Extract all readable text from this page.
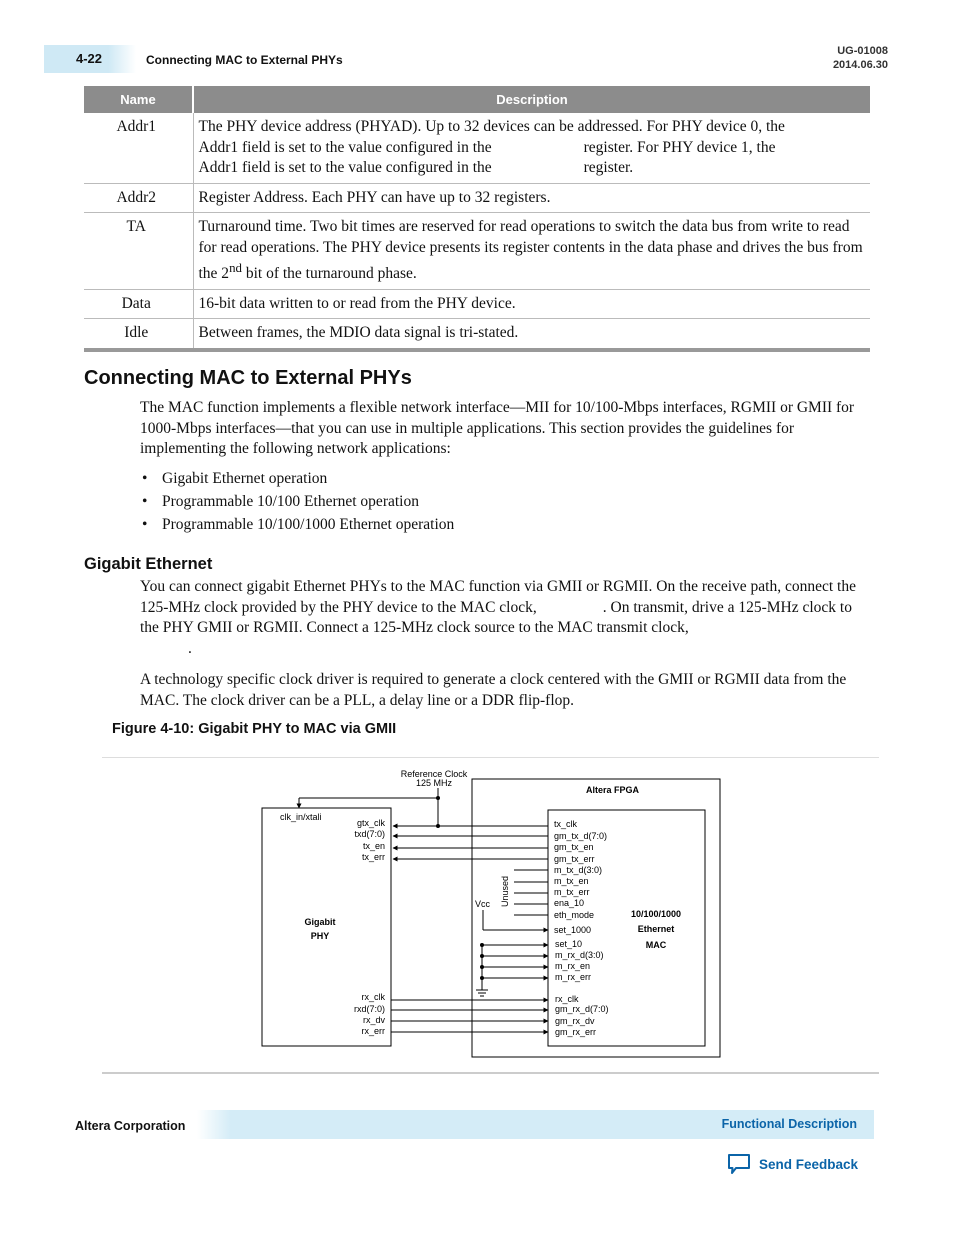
4-22	Connecting MAC to External PHYs
UG-01008
2014.06.30
Name	Description
Addr1	The PHY device address (PHYAD). Up to 32 devices can be addressed. For PHY device 0, the
Addr1 field is set to the value configured in the register. For PHY device 1, the
Addr1 field is set to the value configured in the register.
Addr2	Register Address. Each PHY can have up to 32 registers.
TA	Turnaround time. Two bit times are reserved for read operations to switch the data bus from write to read for read operations. The PHY device presents its register contents in the data phase and drives the bus from the 2nd bit of the turnaround phase.
Data	16-bit data written to or read from the PHY device.
Idle	Between frames, the MDIO data signal is tri-stated.
Connecting MAC to External PHYs

The MAC function implements a flexible network interface—MII for 10/100-Mbps interfaces, RGMII or GMII for 1000-Mbps interfaces—that you can use in multiple applications. This section provides the guidelines for implementing the following network applications:

• Gigabit Ethernet operation
• Programmable 10/100 Ethernet operation
• Programmable 10/100/1000 Ethernet operation
Gigabit Ethernet

You can connect gigabit Ethernet PHYs to the MAC function via GMII or RGMII. On the receive path, connect the 125-MHz clock provided by the PHY device to the MAC clock,	. On transmit, drive a 125-MHz clock to the PHY GMII or RGMII. Connect a 125-MHz clock source to the MAC transmit clock,
.

A technology specific clock driver is required to generate a clock centered with the GMII or RGMII data from the MAC. The clock driver can be a PLL, a delay line or a DDR flip-flop.

Figure 4-10: Gigabit PHY to MAC via GMII
Reference Clock
125 MHz
Altera FPGA
clk_in/xtali
Gigabit
PHY
10/100/1000
Ethernet
MAC
gtx_clk
txd(7:0)
tx_en
tx_err
tx_clk
gm_tx_d(7:0)
gm_tx_en
gm_tx_err
Unused
m_tx_d(3:0)
m_tx_en
m_tx_err
Vcc	ena_10
eth_mode
set_1000
set_10
m_rx_d(3:0)
m_rx_en
m_rx_err
rx_clk
rxd(7:0)
rx_dv
rx_err
rx_clk
gm_rx_d(7:0)
gm_rx_dv
gm_rx_err
Altera Corporation	Functional Description
Send Feedback
